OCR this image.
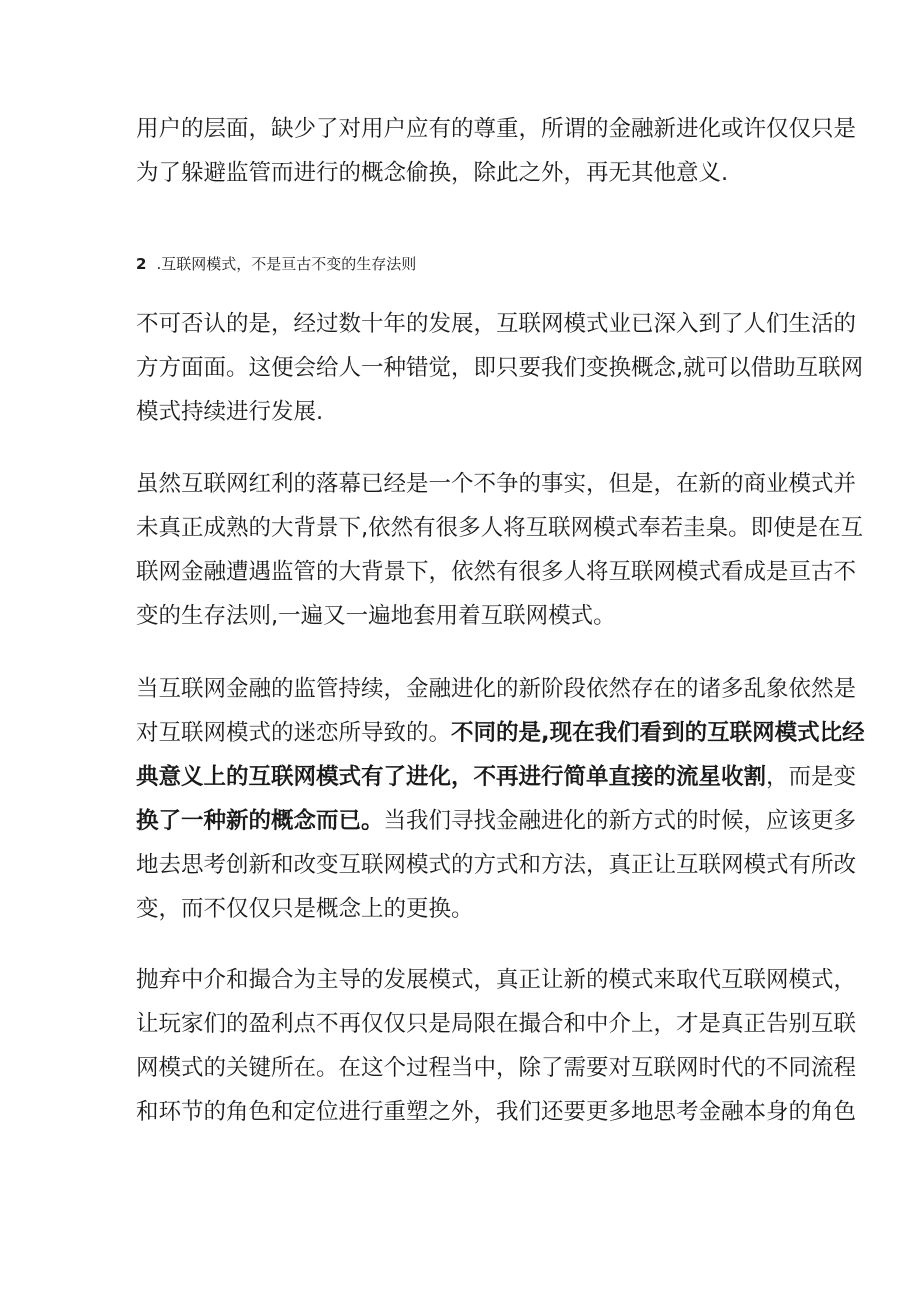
用户的层面，缺少了对用户应有的尊重，所谓的金融新进化或许仅仅只是
为了躲避监管而进行的概念偷换，除此之外，再无其他意义.

2 .互联网模式，不是亘古不变的生存法则

不可否认的是，经过数十年的发展，互联网模式业已深入到了人们生活的
方方面面。这便会给人一种错觉，即只要我们变换概念,就可以借助互联网
模式持续进行发展.

虽然互联网红利的落幕已经是一个不争的事实，但是，在新的商业模式并
未真正成熟的大背景下,依然有很多人将互联网模式奉若圭臬。即使是在互
联网金融遭遇监管的大背景下，依然有很多人将互联网模式看成是亘古不
变的生存法则,一遍又一遍地套用着互联网模式。

当互联网金融的监管持续，金融进化的新阶段依然存在的诸多乱象依然是
对互联网模式的迷恋所导致的。不同的是,现在我们看到的互联网模式比经
典意义上的互联网模式有了进化，不再进行简单直接的流星收割，而是变
换了一种新的概念而已。当我们寻找金融进化的新方式的时候，应该更多
地去思考创新和改变互联网模式的方式和方法，真正让互联网模式有所改
变，而不仅仅只是概念上的更换。

抛弃中介和撮合为主导的发展模式，真正让新的模式来取代互联网模式，
让玩家们的盈利点不再仅仅只是局限在撮合和中介上，才是真正告别互联
网模式的关键所在。在这个过程当中，除了需要对互联网时代的不同流程
和环节的角色和定位进行重塑之外，我们还要更多地思考金融本身的角色
